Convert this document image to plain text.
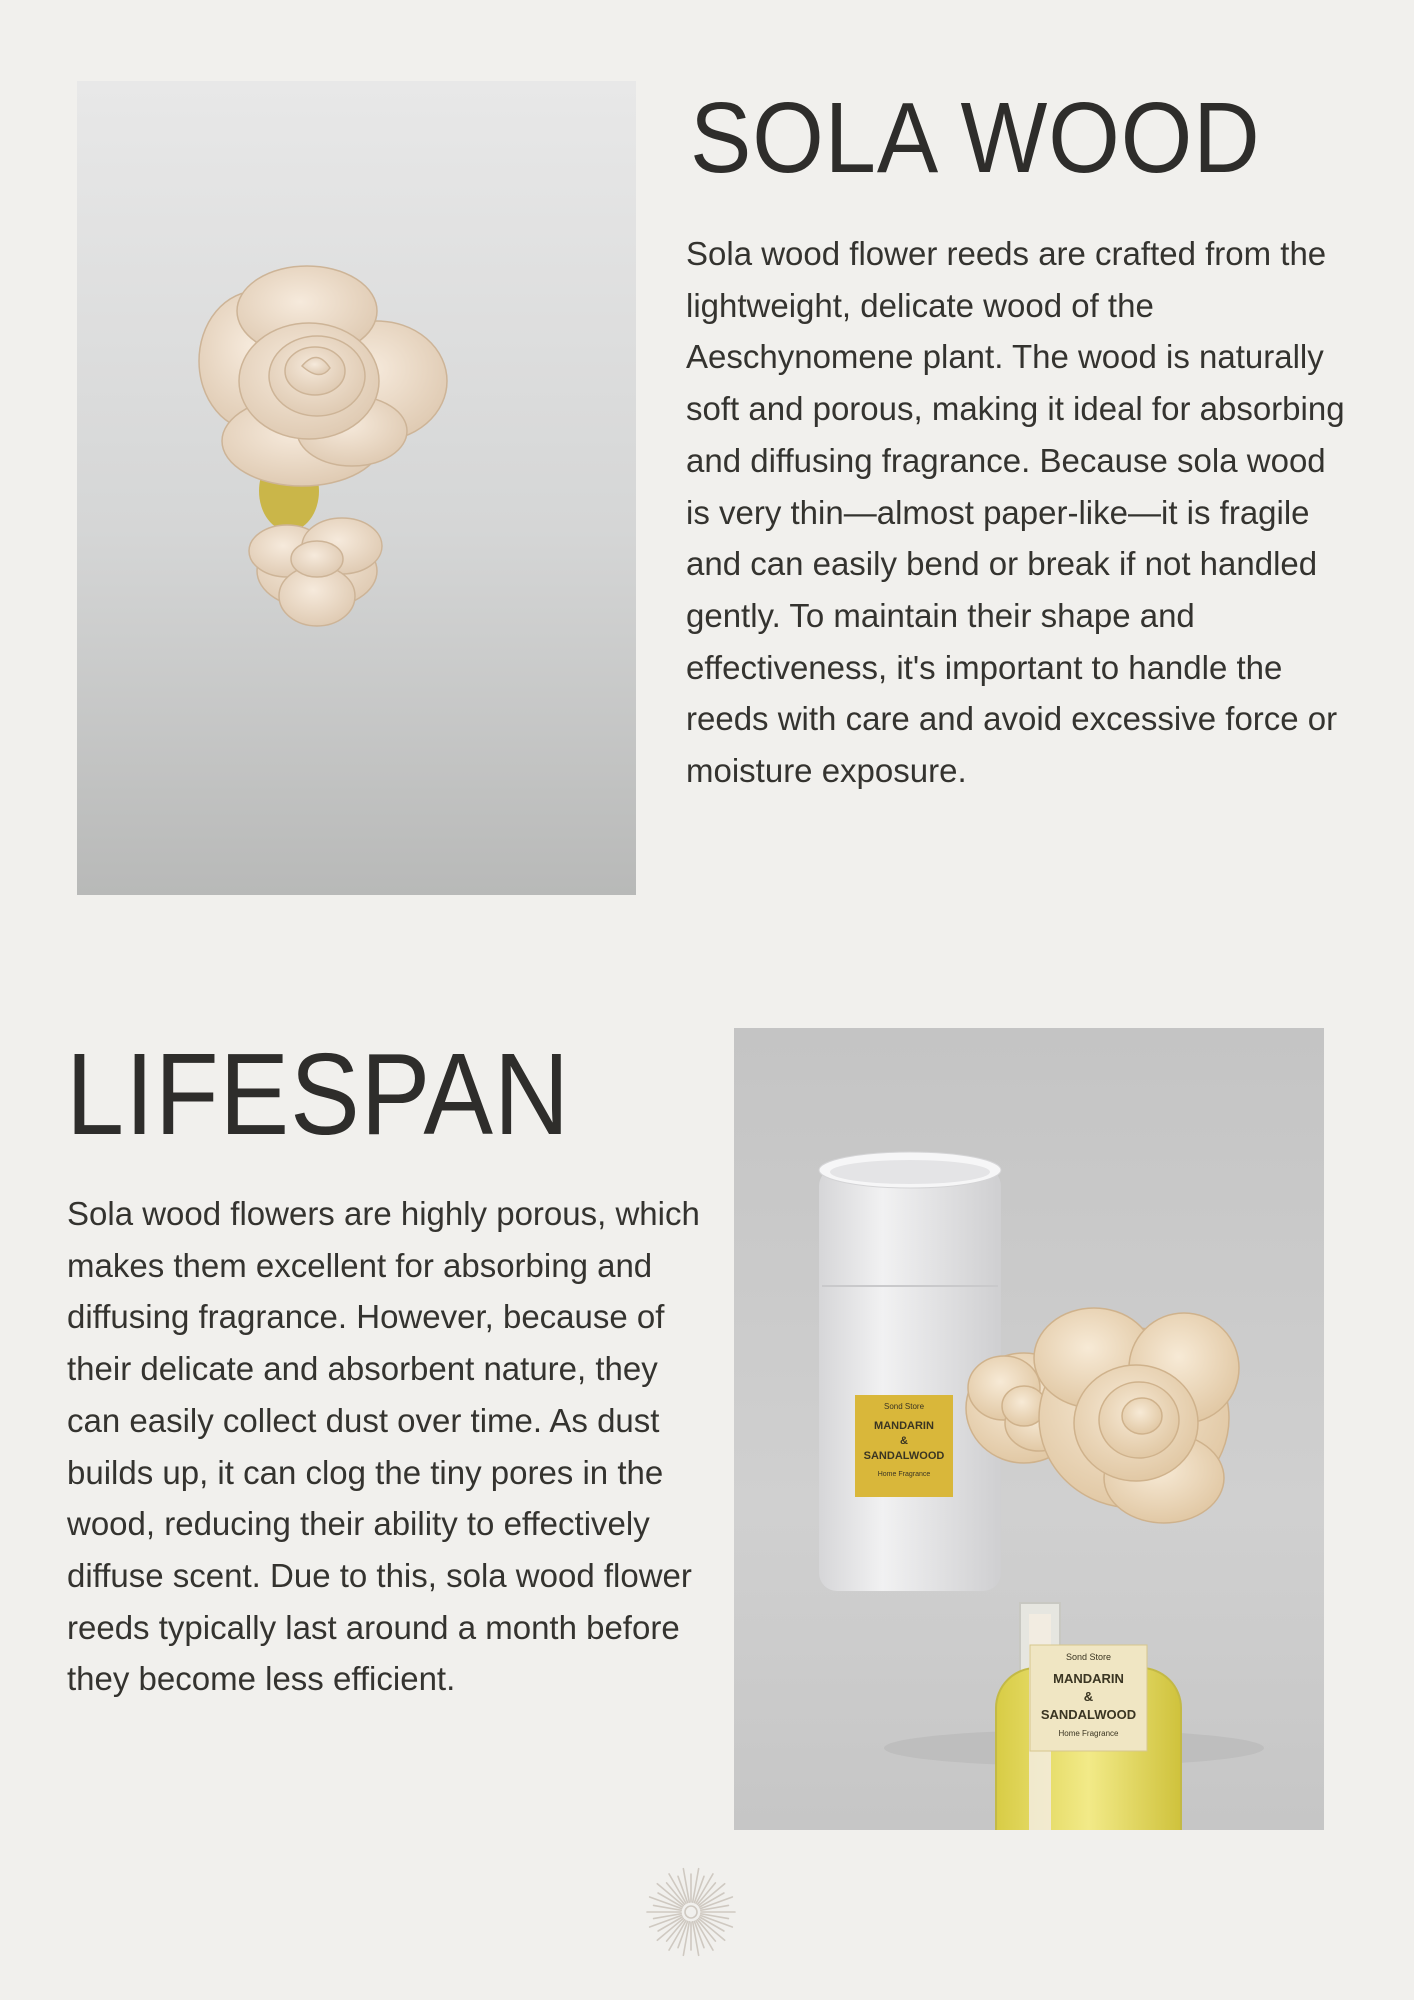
SOLA WOOD

Sola wood flower reeds are crafted from the lightweight, delicate wood of the Aeschynomene plant. The wood is naturally soft and porous, making it ideal for absorbing and diffusing fragrance. Because sola wood is very thin—almost paper-like—it is fragile and can easily bend or break if not handled gently. To maintain their shape and effectiveness, it's important to handle the reeds with care and avoid excessive force or moisture exposure.

LIFESPAN

Sola wood flowers are highly porous, which makes them excellent for absorbing and diffusing fragrance. However, because of their delicate and absorbent nature, they can easily collect dust over time. As dust builds up, it can clog the tiny pores in the wood, reducing their ability to effectively diffuse scent. Due to this, sola wood flower reeds typically last around a month before they become less efficient.

Sond Store
MANDARIN
&
SANDALWOOD
Home Fragrance
Sond Store
MANDARIN
&
SANDALWOOD
Home Fragrance
